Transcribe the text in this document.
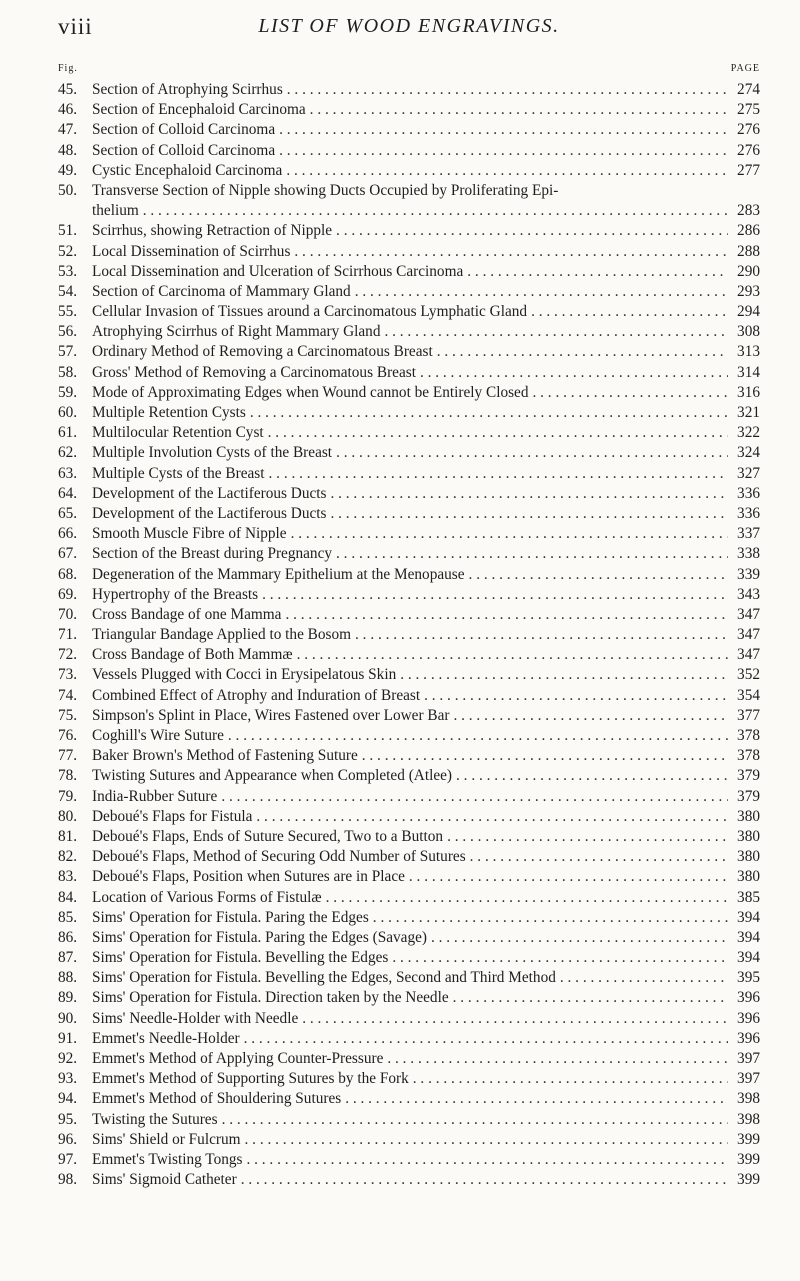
viii	LIST OF WOOD ENGRAVINGS.
Fig.	PAGE
45. Section of Atrophying Scirrhus . . .	274
46. Section of Encephaloid Carcinoma . . .	275
47. Section of Colloid Carcinoma . . .	276
48. Section of Colloid Carcinoma . . .	276
49. Cystic Encephaloid Carcinoma . . .	277
50. Transverse Section of Nipple showing Ducts Occupied by Proliferating Epi-
thelium . . .	283
51. Scirrhus, showing Retraction of Nipple . . .	286
52. Local Dissemination of Scirrhus . . .	288
53. Local Dissemination and Ulceration of Scirrhous Carcinoma . . .	290
54. Section of Carcinoma of Mammary Gland . . .	293
55. Cellular Invasion of Tissues around a Carcinomatous Lymphatic Gland . . .	294
56. Atrophying Scirrhus of Right Mammary Gland . . .	308
57. Ordinary Method of Removing a Carcinomatous Breast . . .	313
58. Gross' Method of Removing a Carcinomatous Breast . . .	314
59. Mode of Approximating Edges when Wound cannot be Entirely Closed . . .	316
60. Multiple Retention Cysts . . .	321
61. Multilocular Retention Cyst . . .	322
62. Multiple Involution Cysts of the Breast . . .	324
63. Multiple Cysts of the Breast . . .	327
64. Development of the Lactiferous Ducts . . .	336
65. Development of the Lactiferous Ducts . . .	336
66. Smooth Muscle Fibre of Nipple . . .	337
67. Section of the Breast during Pregnancy . . .	338
68. Degeneration of the Mammary Epithelium at the Menopause . . .	339
69. Hypertrophy of the Breasts . . .	343
70. Cross Bandage of one Mamma . . .	347
71. Triangular Bandage Applied to the Bosom . . .	347
72. Cross Bandage of Both Mammæ . . .	347
73. Vessels Plugged with Cocci in Erysipelatous Skin . . .	352
74. Combined Effect of Atrophy and Induration of Breast . . .	354
75. Simpson's Splint in Place, Wires Fastened over Lower Bar . . .	377
76. Coghill's Wire Suture . . .	378
77. Baker Brown's Method of Fastening Suture . . .	378
78. Twisting Sutures and Appearance when Completed (Atlee) . . .	379
79. India-Rubber Suture . . .	379
80. Deboué's Flaps for Fistula . . .	380
81. Deboué's Flaps, Ends of Suture Secured, Two to a Button . . .	380
82. Deboué's Flaps, Method of Securing Odd Number of Sutures . . .	380
83. Deboué's Flaps, Position when Sutures are in Place . . .	380
84. Location of Various Forms of Fistulæ . . .	385
85. Sims' Operation for Fistula. Paring the Edges . . .	394
86. Sims' Operation for Fistula. Paring the Edges (Savage) . . .	394
87. Sims' Operation for Fistula. Bevelling the Edges . . .	394
88. Sims' Operation for Fistula. Bevelling the Edges, Second and Third Method . . .	395
89. Sims' Operation for Fistula. Direction taken by the Needle . . .	396
90. Sims' Needle-Holder with Needle . . .	396
91. Emmet's Needle-Holder . . .	396
92. Emmet's Method of Applying Counter-Pressure . . .	397
93. Emmet's Method of Supporting Sutures by the Fork . . .	397
94. Emmet's Method of Shouldering Sutures . . .	398
95. Twisting the Sutures . . .	398
96. Sims' Shield or Fulcrum . . .	399
97. Emmet's Twisting Tongs . . .	399
98. Sims' Sigmoid Catheter . . .	399
